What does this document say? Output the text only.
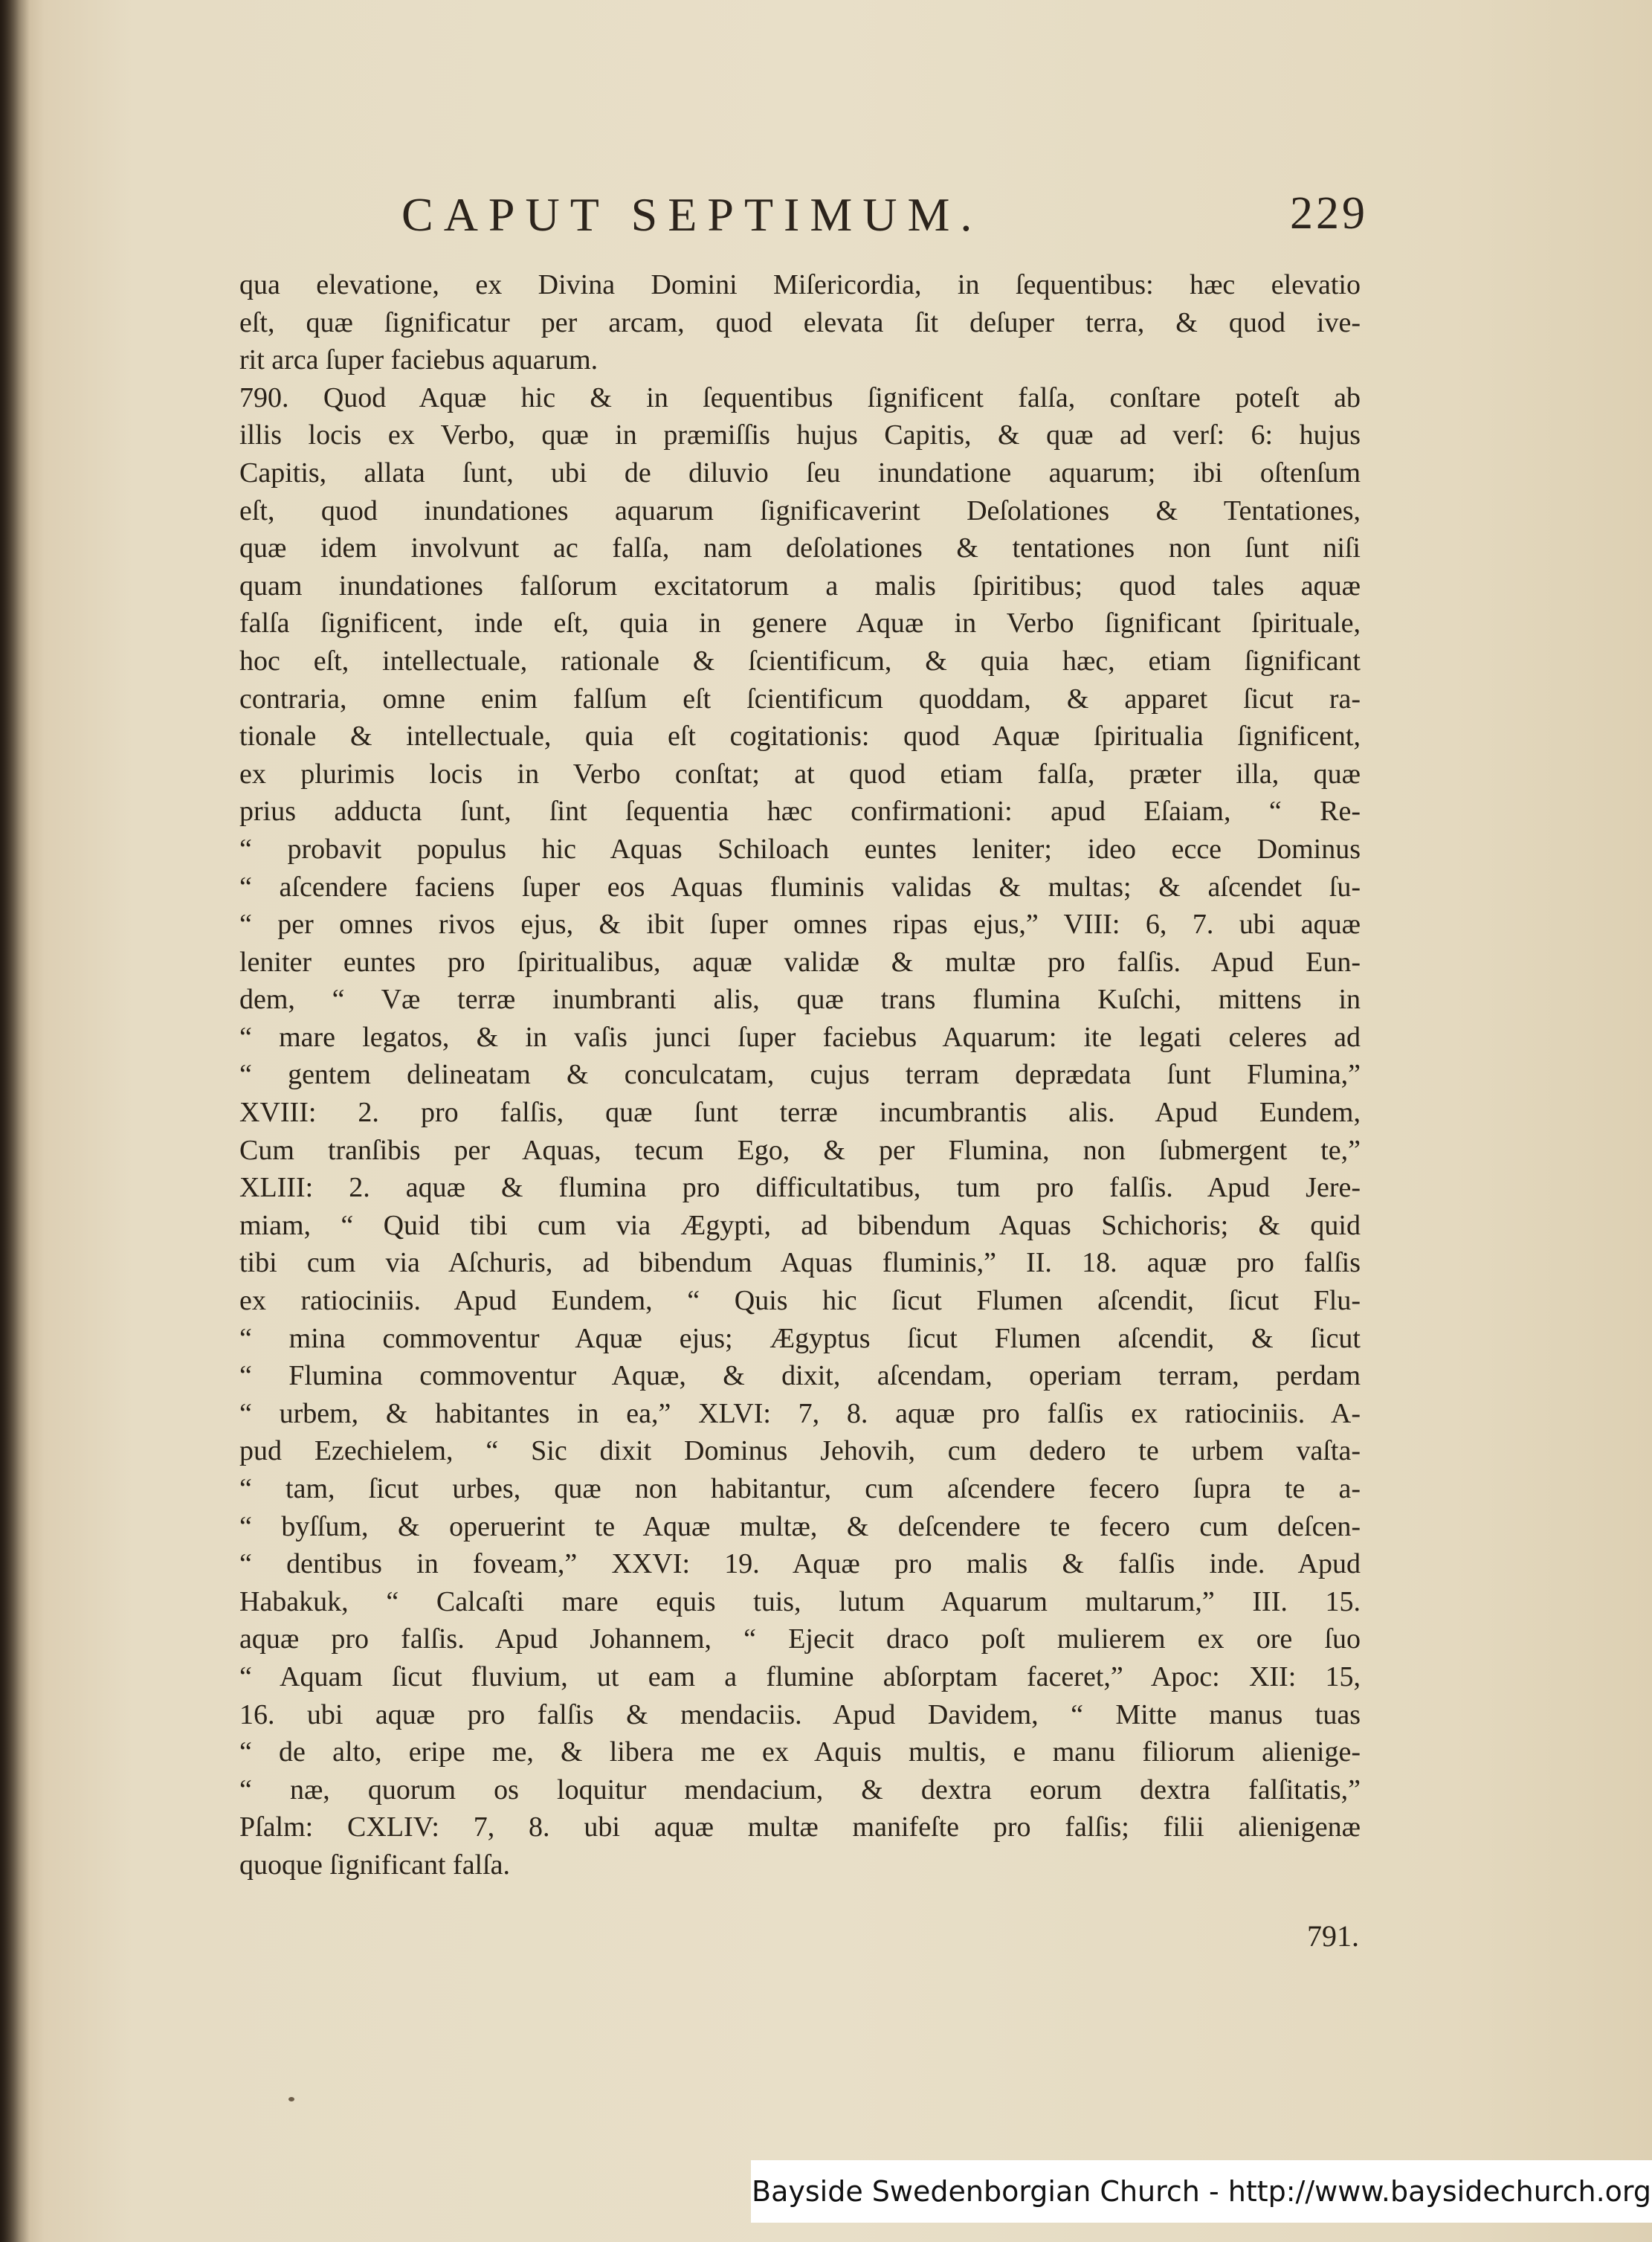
CAPUT SEPTIMUM.	229
qua elevatione, ex Divina Domini Miſericordia, in ſequentibus: hæc elevatio
eſt, quæ ſignificatur per arcam, quod elevata ſit deſuper terra, & quod ive-
rit arca ſuper faciebus aquarum.
790. Quod Aquæ hic & in ſequentibus ſignificent falſa, conſtare poteſt ab
illis locis ex Verbo, quæ in præmiſſis hujus Capitis, & quæ ad verſ: 6: hujus
Capitis, allata ſunt, ubi de diluvio ſeu inundatione aquarum; ibi oſtenſum
eſt, quod inundationes aquarum ſignificaverint Deſolationes & Tentationes,
quæ idem involvunt ac falſa, nam deſolationes & tentationes non ſunt niſi
quam inundationes falſorum excitatorum a malis ſpiritibus; quod tales aquæ
falſa ſignificent, inde eſt, quia in genere Aquæ in Verbo ſignificant ſpirituale,
hoc eſt, intellectuale, rationale & ſcientificum, & quia hæc, etiam ſignificant
contraria, omne enim falſum eſt ſcientificum quoddam, & apparet ſicut ra-
tionale & intellectuale, quia eſt cogitationis: quod Aquæ ſpiritualia ſignificent,
ex plurimis locis in Verbo conſtat; at quod etiam falſa, præter illa, quæ
prius adducta ſunt, ſint ſequentia hæc confirmationi: apud Eſaiam, “ Re-
“ probavit populus hic Aquas Schiloach euntes leniter; ideo ecce Dominus
“ aſcendere faciens ſuper eos Aquas fluminis validas & multas; & aſcendet ſu-
“ per omnes rivos ejus, & ibit ſuper omnes ripas ejus,” VIII: 6, 7. ubi aquæ
leniter euntes pro ſpiritualibus, aquæ validæ & multæ pro falſis. Apud Eun-
dem, “ Væ terræ inumbranti alis, quæ trans flumina Kuſchi, mittens in
“ mare legatos, & in vaſis junci ſuper faciebus Aquarum: ite legati celeres ad
“ gentem delineatam & conculcatam, cujus terram deprædata ſunt Flumina,”
XVIII: 2. pro falſis, quæ ſunt terræ incumbrantis alis. Apud Eundem,
Cum tranſibis per Aquas, tecum Ego, & per Flumina, non ſubmergent te,”
XLIII: 2. aquæ & flumina pro difficultatibus, tum pro falſis. Apud Jere-
miam, “ Quid tibi cum via Ægypti, ad bibendum Aquas Schichoris; & quid
tibi cum via Aſchuris, ad bibendum Aquas fluminis,” II. 18. aquæ pro falſis
ex ratiociniis. Apud Eundem, “ Quis hic ſicut Flumen aſcendit, ſicut Flu-
“ mina commoventur Aquæ ejus; Ægyptus ſicut Flumen aſcendit, & ſicut
“ Flumina commoventur Aquæ, & dixit, aſcendam, operiam terram, perdam
“ urbem, & habitantes in ea,” XLVI: 7, 8. aquæ pro falſis ex ratiociniis. A-
pud Ezechielem, “ Sic dixit Dominus Jehovih, cum dedero te urbem vaſta-
“ tam, ſicut urbes, quæ non habitantur, cum aſcendere fecero ſupra te a-
“ byſſum, & operuerint te Aquæ multæ, & deſcendere te fecero cum deſcen-
“ dentibus in foveam,” XXVI: 19. Aquæ pro malis & falſis inde. Apud
Habakuk, “ Calcaſti mare equis tuis, lutum Aquarum multarum,” III. 15.
aquæ pro falſis. Apud Johannem, “ Ejecit draco poſt mulierem ex ore ſuo
“ Aquam ſicut fluvium, ut eam a flumine abſorptam faceret,” Apoc: XII: 15,
16. ubi aquæ pro falſis & mendaciis. Apud Davidem, “ Mitte manus tuas
“ de alto, eripe me, & libera me ex Aquis multis, e manu filiorum alienige-
“ næ, quorum os loquitur mendacium, & dextra eorum dextra falſitatis,”
Pſalm: CXLIV: 7, 8. ubi aquæ multæ manifeſte pro falſis; filii alienigenæ
quoque ſignificant falſa.
791.
Bayside Swedenborgian Church - http://www.baysidechurch.org
